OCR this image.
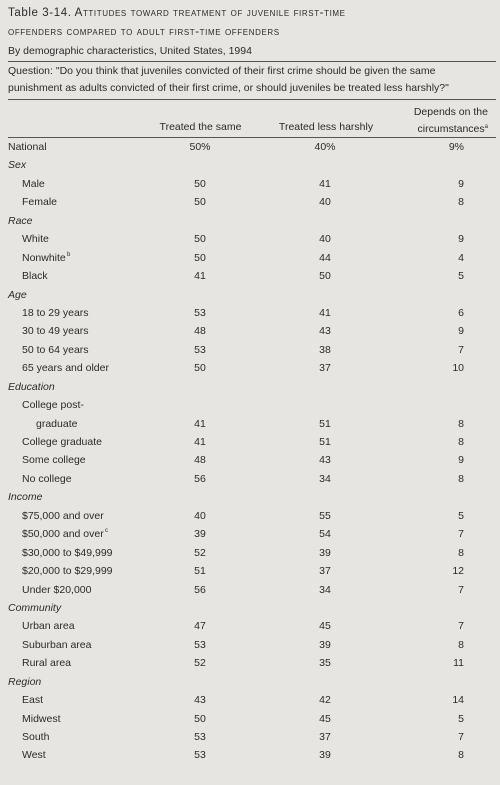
Table 3-14. Attitudes toward treatment of juvenile first-time
offenders compared to adult first-time offenders
By demographic characteristics, United States, 1994
Question: "Do you think that juveniles convicted of their first crime should be given the same
punishment as adults convicted of their first crime, or should juveniles be treated less harshly?"
Treated the same	Treated less harshly
Depends on the
circumstances$^a$
National	50%	40%	9%
Sex
Male	50	41	9
Female	50	40	8
Race
White	50	40	9
Nonwhite b	50	44	4
Black	41	50	5
Age
18 to 29 years	53	41	6
30 to 49 years	48	43	9
50 to 64 years	53	38	7
65 years and older	50	37	10
Education
College post-
graduate	41	51	8
College graduate	41	51	8
Some college	48	43	9
No college	56	34	8
Income
$75,000 and over	40	55	5
$50,000 and over c	39	54	7
$30,000 to $49,999	52	39	8
$20,000 to $29,999	51	37	12
Under $20,000	56	34	7
Community
Urban area	47	45	7
Suburban area	53	39	8
Rural area	52	35	11
Region
East	43	42	14
Midwest	50	45	5
South	53	37	7
West	53	39	8
